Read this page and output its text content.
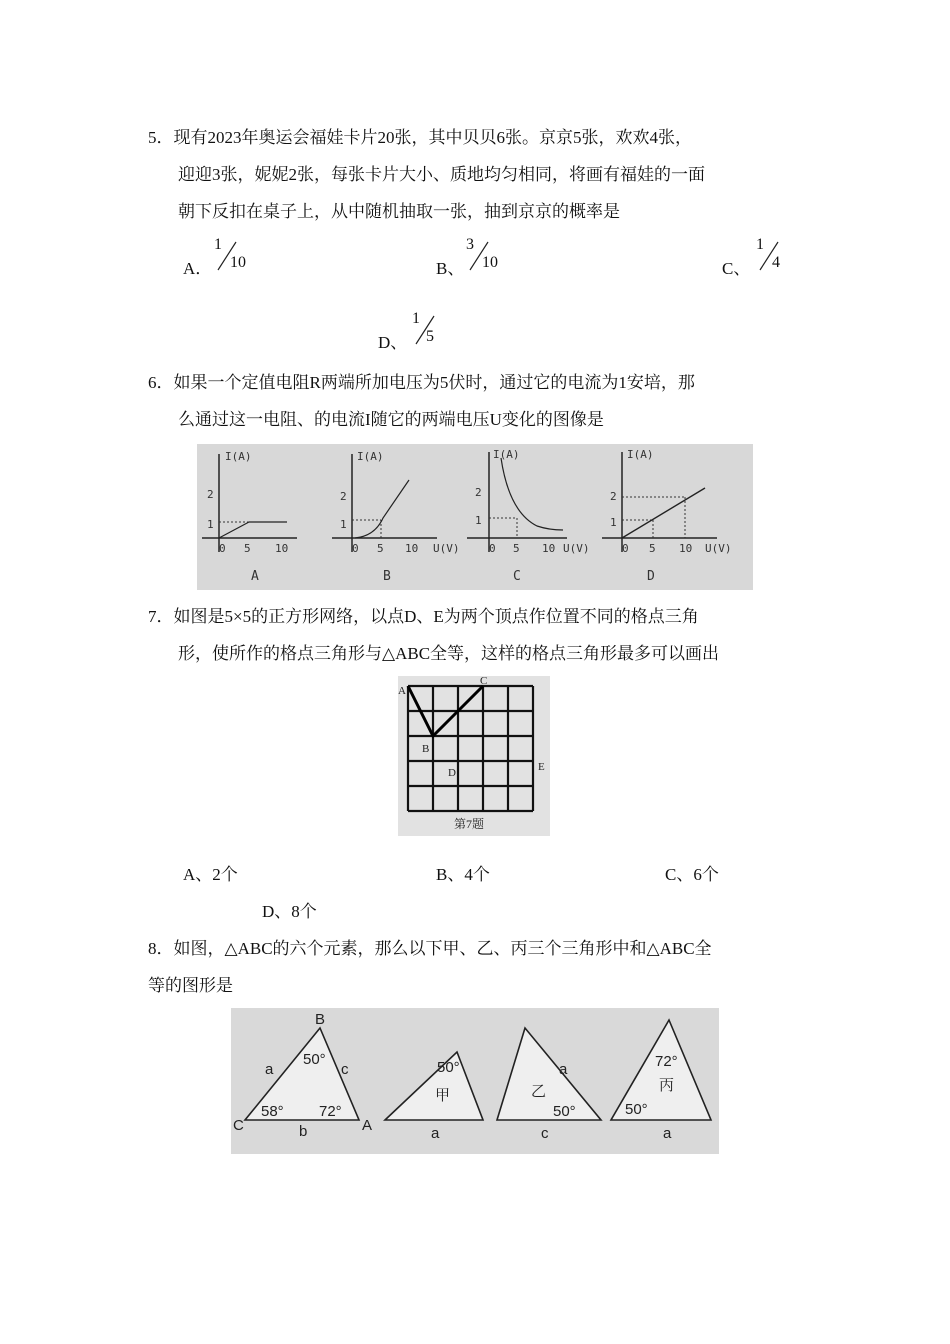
5．现有2023年奥运会福娃卡片20张，其中贝贝6张。京京5张，欢欢4张，
迎迎3张，妮妮2张，每张卡片大小、质地均匀相同，将画有福娃的一面
朝下反扣在桌子上，从中随机抽取一张，抽到京京的概率是
A．
1
10	B、
3
10	C、
1
4
D、
1
5
6．如果一个定值电阻R两端所加电压为5伏时，通过它的电流为1安培，那
么通过这一电阻、的电流I随它的两端电压U变化的图像是
I(A)
2
1
0 5 10
A
I(A)
2
1
0 5 10 U(V)
B
I(A)
2
1
0 5 10 U(V)
C
I(A)
2
1
0 5 10 U(V)
D
7．如图是5×5的正方形网络，以点D、E为两个顶点作位置不同的格点三角
形，使所作的格点三角形与△ABC全等，这样的格点三角形最多可以画出
A
B
C
D	E
第7题
A、2个	B、4个	C、6个
D、8个
8．如图，△ABC的六个元素，那么以下甲、乙、丙三个三角形中和△ABC全
等的图形是
B
C	A
50°
58° 72°
a	c
b
50°
甲
a
乙
a
50°
c
72°
丙
50°
a
